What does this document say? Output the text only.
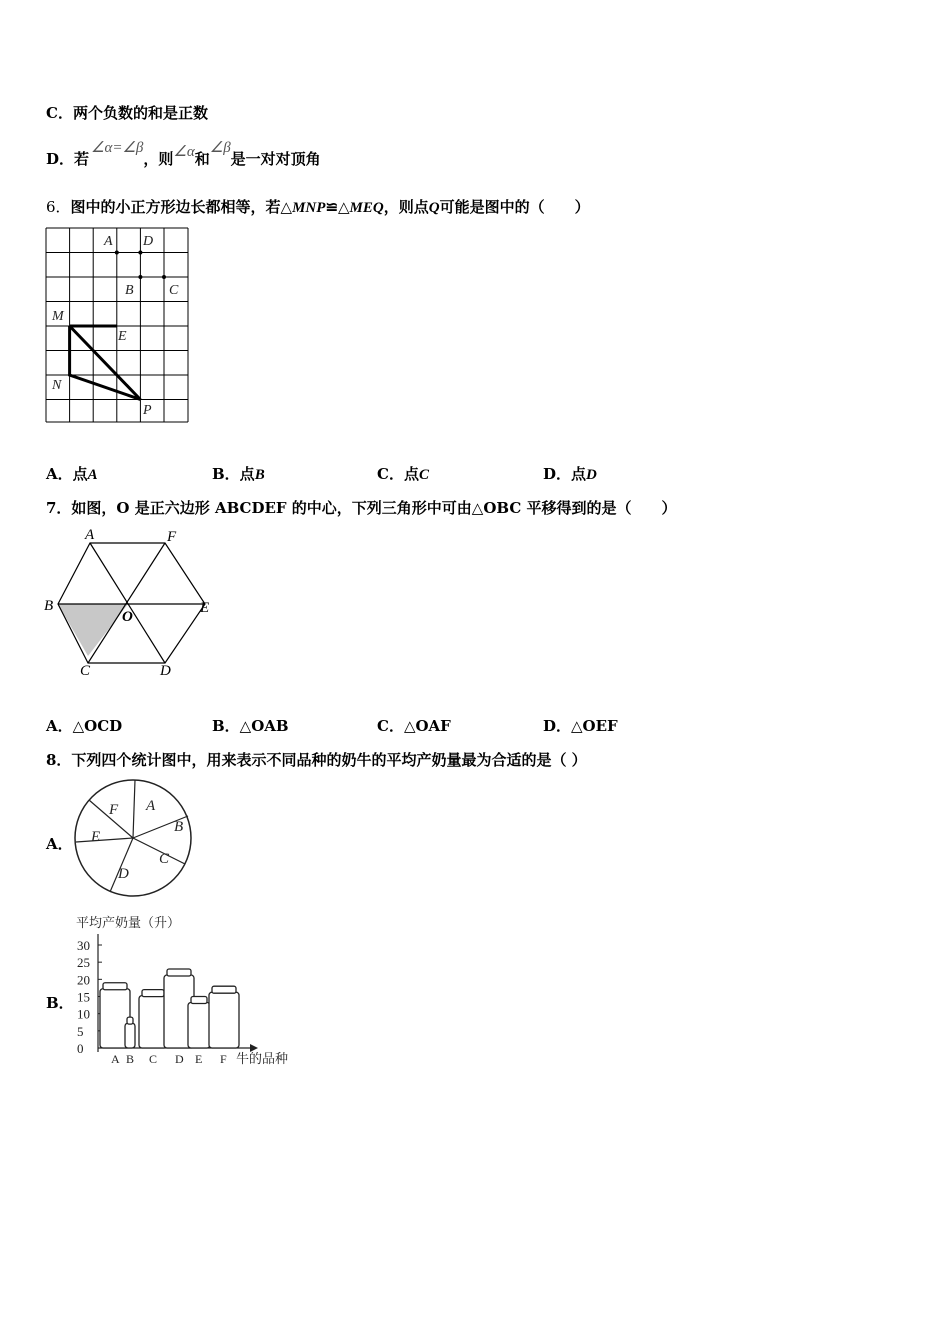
C．两个负数的和是正数
D．若∠α=∠β，则∠α和∠β是一对对顶角
6．图中的小正方形边长都相等，若△MNP≌△MEQ，则点Q可能是图中的（　　）
A D
B	C
M
E
N
P
A．点A	B．点B	C．点C	D．点D
7．如图，O 是正六边形 ABCDEF 的中心，下列三角形中可由△OBC 平移得到的是（　　）
A	F
B
O
E
C	D
A．△OCD	B．△OAB	C．△OAF	D．△OEF
8．下列四个统计图中，用来表示不同品种的奶牛的平均产奶量最为合适的是（ ）
A．
A
B
C
D
E
F
B．
平均产奶量（升）
牛的品种
0
5
10
15
20
25
30
A B C D E F
